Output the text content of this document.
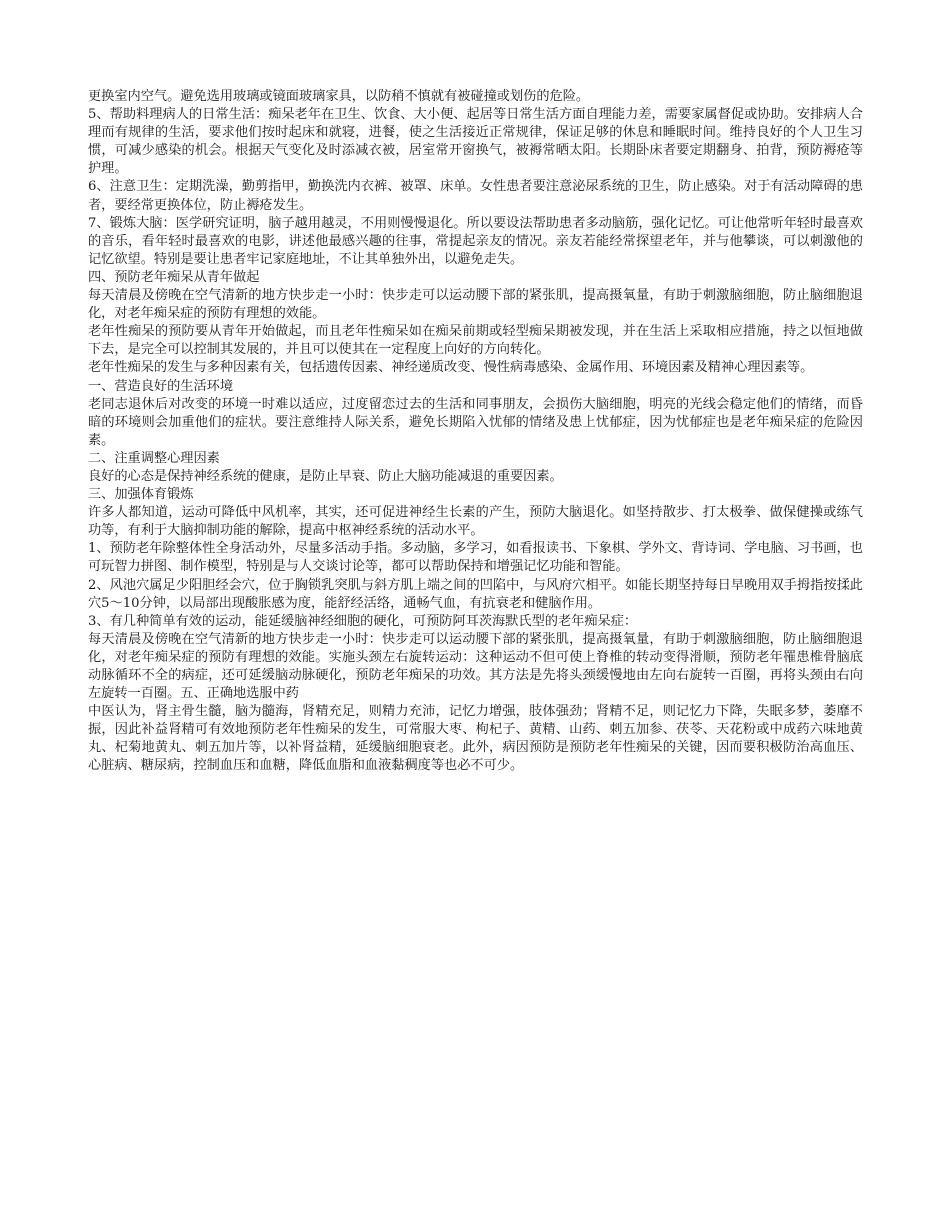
更换室内空气。避免选用玻璃或镜面玻璃家具，以防稍不慎就有被碰撞或划伤的危险。

5、帮助料理病人的日常生活：痴呆老年在卫生、饮食、大小便、起居等日常生活方面自理能力差，需要家属督促或协助。安排病人合理而有规律的生活，要求他们按时起床和就寝，进餐，使之生活接近正常规律，保证足够的休息和睡眠时间。维持良好的个人卫生习惯，可减少感染的机会。根据天气变化及时添减衣被，居室常开窗换气，被褥常晒太阳。长期卧床者要定期翻身、拍背，预防褥疮等护理。

6、注意卫生：定期洗澡，勤剪指甲，勤换洗内衣裤、被罩、床单。女性患者要注意泌尿系统的卫生，防止感染。对于有活动障碍的患者，要经常更换体位，防止褥疮发生。

7、锻炼大脑：医学研究证明，脑子越用越灵，不用则慢慢退化。所以要设法帮助患者多动脑筋，强化记忆。可让他常听年轻时最喜欢的音乐，看年轻时最喜欢的电影，讲述他最感兴趣的往事，常提起亲友的情况。亲友若能经常探望老年，并与他攀谈，可以刺激他的记忆欲望。特别是要让患者牢记家庭地址，不让其单独外出，以避免走失。

四、预防老年痴呆从青年做起

每天清晨及傍晚在空气清新的地方快步走一小时：快步走可以运动腰下部的紧张肌，提高摄氧量，有助于刺激脑细胞，防止脑细胞退化，对老年痴呆症的预防有理想的效能。

老年性痴呆的预防要从青年开始做起，而且老年性痴呆如在痴呆前期或轻型痴呆期被发现，并在生活上采取相应措施，持之以恒地做下去，是完全可以控制其发展的，并且可以使其在一定程度上向好的方向转化。

老年性痴呆的发生与多种因素有关，包括遗传因素、神经递质改变、慢性病毒感染、金属作用、环境因素及精神心理因素等。

一、营造良好的生活环境

老同志退休后对改变的环境一时难以适应，过度留恋过去的生活和同事朋友，会损伤大脑细胞，明亮的光线会稳定他们的情绪，而昏暗的环境则会加重他们的症状。要注意维持人际关系，避免长期陷入忧郁的情绪及患上忧郁症，因为忧郁症也是老年痴呆症的危险因素。

二、注重调整心理因素

良好的心态是保持神经系统的健康，是防止早衰、防止大脑功能减退的重要因素。

三、加强体育锻炼

许多人都知道，运动可降低中风机率，其实，还可促进神经生长素的产生，预防大脑退化。如坚持散步、打太极拳、做保健操或练气功等，有利于大脑抑制功能的解除，提高中枢神经系统的活动水平。

1、预防老年除整体性全身活动外，尽量多活动手指。多动脑，多学习，如看报读书、下象棋、学外文、背诗词、学电脑、习书画，也可玩智力拼图、制作模型，特别是与人交谈讨论等，都可以帮助保持和增强记忆功能和智能。

2、风池穴属足少阳胆经会穴，位于胸锁乳突肌与斜方肌上端之间的凹陷中，与风府穴相平。如能长期坚持每日早晚用双手拇指按揉此穴5～10分钟，以局部出现酸胀感为度，能舒经活络，通畅气血，有抗衰老和健脑作用。

3、有几种简单有效的运动，能延缓脑神经细胞的硬化，可预防阿耳茨海默氏型的老年痴呆症：

每天清晨及傍晚在空气清新的地方快步走一小时：快步走可以运动腰下部的紧张肌，提高摄氧量，有助于刺激脑细胞，防止脑细胞退化，对老年痴呆症的预防有理想的效能。实施头颈左右旋转运动：这种运动不但可使上脊椎的转动变得滑顺，预防老年罹患椎骨脑底动脉循环不全的病症，还可延缓脑动脉硬化，预防老年痴呆的功效。其方法是先将头颈缓慢地由左向右旋转一百圈，再将头颈由右向左旋转一百圈。五、正确地选服中药

中医认为，肾主骨生髓，脑为髓海，肾精充足，则精力充沛，记忆力增强，肢体强劲；肾精不足，则记忆力下降，失眠多梦，萎靡不振，因此补益肾精可有效地预防老年性痴呆的发生，可常服大枣、枸杞子、黄精、山药、刺五加参、茯苓、天花粉或中成药六味地黄丸、杞菊地黄丸、刺五加片等，以补肾益精，延缓脑细胞衰老。此外，病因预防是预防老年性痴呆的关键，因而要积极防治高血压、心脏病、糖尿病，控制血压和血糖，降低血脂和血液黏稠度等也必不可少。
